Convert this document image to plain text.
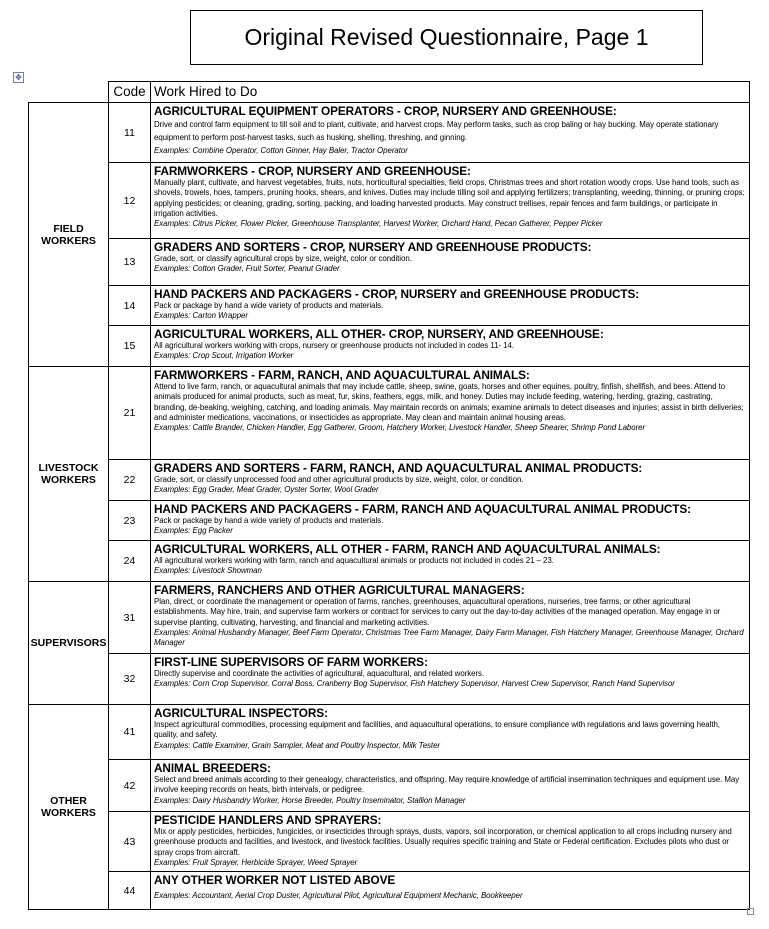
Original Revised Questionnaire, Page 1
✥
	Code	Work Hired to Do
FIELD WORKERS	11	AGRICULTURAL EQUIPMENT OPERATORS - CROP, NURSERY AND GREENHOUSE:
Drive and control farm equipment to till soil and to plant, cultivate, and harvest crops. May perform tasks, such as crop baling or hay bucking. May operate stationary equipment to perform post-harvest tasks, such as husking, shelling, threshing, and ginning.
Examples: Combine Operator, Cotton Ginner, Hay Baler, Tractor Operator

	12	FARMWORKERS - CROP, NURSERY AND GREENHOUSE:
Manually plant, cultivate, and harvest vegetables, fruits, nuts, horticultural specialties, field crops, Christmas trees and short rotation woody crops. Use hand tools, such as shovels, trowels, hoes, tampers, pruning hooks, shears, and knives. Duties may include tilling soil and applying fertilizers; transplanting, weeding, thinning, or pruning crops; applying pesticides; or cleaning, grading, sorting, packing, and loading harvested products. May construct trellises, repair fences and farm buildings, or participate in irrigation activities.
Examples: Citrus Picker, Flower Picker, Greenhouse Transplanter, Harvest Worker, Orchard Hand, Pecan Gatherer, Pepper Picker

	13	GRADERS AND SORTERS - CROP, NURSERY AND GREENHOUSE PRODUCTS:
Grade, sort, or classify agricultural crops by size, weight, color or condition.
Examples: Cotton Grader, Fruit Sorter, Peanut Grader

	14	HAND PACKERS AND PACKAGERS - CROP, NURSERY and GREENHOUSE PRODUCTS:
Pack or package by hand a wide variety of products and materials.
Examples: Carton Wrapper

	15	AGRICULTURAL WORKERS, ALL OTHER- CROP, NURSERY, AND GREENHOUSE:
All agricultural workers working with crops, nursery or greenhouse products not included in codes 11- 14.
Examples: Crop Scout, Irrigation Worker

LIVESTOCK WORKERS	21	FARMWORKERS - FARM, RANCH, AND AQUACULTURAL ANIMALS:
Attend to live farm, ranch, or aquacultural animals that may include cattle, sheep, swine, goats, horses and other equines, poultry, finfish, shellfish, and bees. Attend to animals produced for animal products, such as meat, fur, skins, feathers, eggs, milk, and honey. Duties may include feeding, watering, herding, grazing, castrating, branding, de-beaking, weighing, catching, and loading animals. May maintain records on animals; examine animals to detect diseases and injuries; assist in birth deliveries; and administer medications, vaccinations, or insecticides as appropriate. May clean and maintain animal housing areas.
Examples: Cattle Brander, Chicken Handler, Egg Gatherer, Groom, Hatchery Worker, Livestock Handler, Sheep Shearer, Shrimp Pond Laborer

	22	GRADERS AND SORTERS - FARM, RANCH, AND AQUACULTURAL ANIMAL PRODUCTS:
Grade, sort, or classify unprocessed food and other agricultural products by size, weight, color, or condition.
Examples: Egg Grader, Meat Grader, Oyster Sorter, Wool Grader

	23	HAND PACKERS AND PACKAGERS - FARM, RANCH AND AQUACULTURAL ANIMAL PRODUCTS:
Pack or package by hand a wide variety of products and materials.
Examples: Egg Packer

	24	AGRICULTURAL WORKERS, ALL OTHER - FARM, RANCH AND AQUACULTURAL ANIMALS:
All agricultural workers working with farm, ranch and aquacultural animals or products not included in codes 21 – 23.
Examples: Livestock Showman

SUPERVISORS	31	FARMERS, RANCHERS AND OTHER AGRICULTURAL MANAGERS:
Plan, direct, or coordinate the management or operation of farms, ranches, greenhouses, aquacultural operations, nurseries, tree farms, or other agricultural establishments. May hire, train, and supervise farm workers or contract for services to carry out the day-to-day activities of the managed operation. May engage in or supervise planting, cultivating, harvesting, and financial and marketing activities.
Examples: Animal Husbandry Manager, Beef Farm Operator, Christmas Tree Farm Manager, Dairy Farm Manager, Fish Hatchery Manager, Greenhouse Manager, Orchard Manager

	32	FIRST-LINE SUPERVISORS OF FARM WORKERS:
Directly supervise and coordinate the activities of agricultural, aquacultural, and related workers.
Examples: Corn Crop Supervisor, Corral Boss, Cranberry Bog Supervisor, Fish Hatchery Supervisor, Harvest Crew Supervisor, Ranch Hand Supervisor

OTHER WORKERS	41	AGRICULTURAL INSPECTORS:
Inspect agricultural commodities, processing equipment and facilities, and aquacultural operations, to ensure compliance with regulations and laws governing health, quality, and safety.
Examples: Cattle Examiner, Grain Sampler, Meat and Poultry Inspector, Milk Tester

	42	ANIMAL BREEDERS:
Select and breed animals according to their genealogy, characteristics, and offspring. May require knowledge of artificial insemination techniques and equipment use. May involve keeping records on heats, birth intervals, or pedigree.
Examples: Dairy Husbandry Worker, Horse Breeder, Poultry Inseminator, Stallion Manager

	43	PESTICIDE HANDLERS AND SPRAYERS:
Mix or apply pesticides, herbicides, fungicides, or insecticides through sprays, dusts, vapors, soil incorporation, or chemical application to all crops including nursery and greenhouse products and facilities, and livestock, and livestock facilities. Usually requires specific training and State or Federal certification. Excludes pilots who dust or spray crops from aircraft.
Examples: Fruit Sprayer, Herbicide Sprayer, Weed Sprayer

	44	ANY OTHER WORKER NOT LISTED ABOVE
Examples: Accountant, Aerial Crop Duster, Agricultural Pilot, Agricultural Equipment Mechanic, Bookkeeper
